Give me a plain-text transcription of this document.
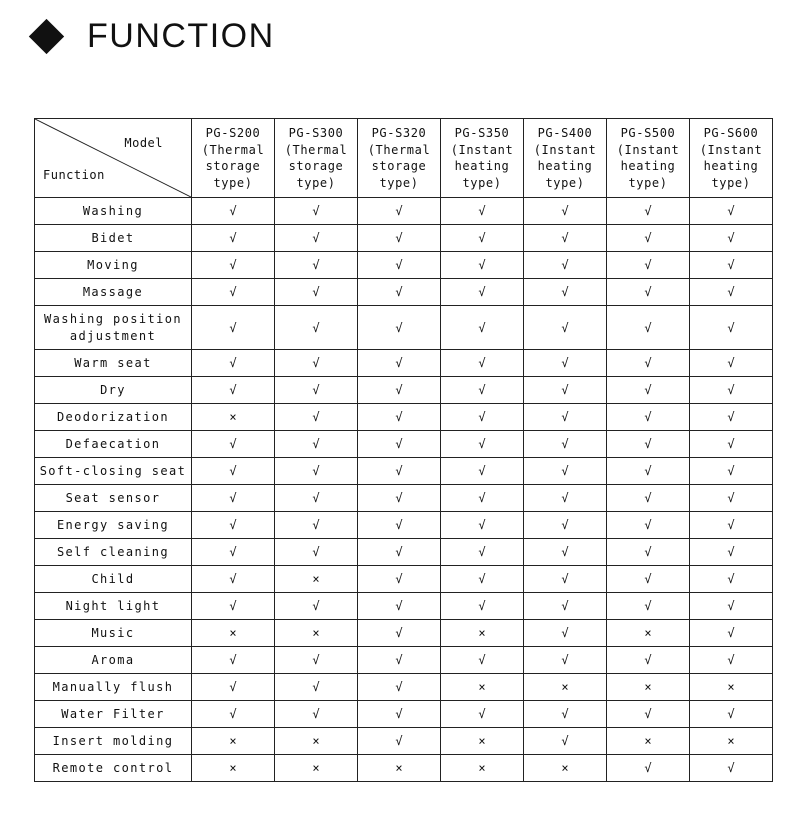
FUNCTION
Model
Function	PG-S200
(Thermal
storage
type)	PG-S300
(Thermal
storage
type)	PG-S320
(Thermal
storage
type)	PG-S350
(Instant
heating
type)	PG-S400
(Instant
heating
type)	PG-S500
(Instant
heating
type)	PG-S600
(Instant
heating
type)

Washing	√	√	√	√	√	√	√
Bidet	√	√	√	√	√	√	√
Moving	√	√	√	√	√	√	√
Massage	√	√	√	√	√	√	√
Washing position
adjustment	√	√	√	√	√	√	√
Warm seat	√	√	√	√	√	√	√
Dry	√	√	√	√	√	√	√
Deodorization	×	√	√	√	√	√	√
Defaecation	√	√	√	√	√	√	√
Soft-closing seat	√	√	√	√	√	√	√
Seat sensor	√	√	√	√	√	√	√
Energy saving	√	√	√	√	√	√	√
Self cleaning	√	√	√	√	√	√	√
Child	√	×	√	√	√	√	√
Night light	√	√	√	√	√	√	√
Music	×	×	√	×	√	×	√
Aroma	√	√	√	√	√	√	√
Manually flush	√	√	√	×	×	×	×
Water Filter	√	√	√	√	√	√	√
Insert molding	×	×	√	×	√	×	×
Remote control	×	×	×	×	×	√	√
